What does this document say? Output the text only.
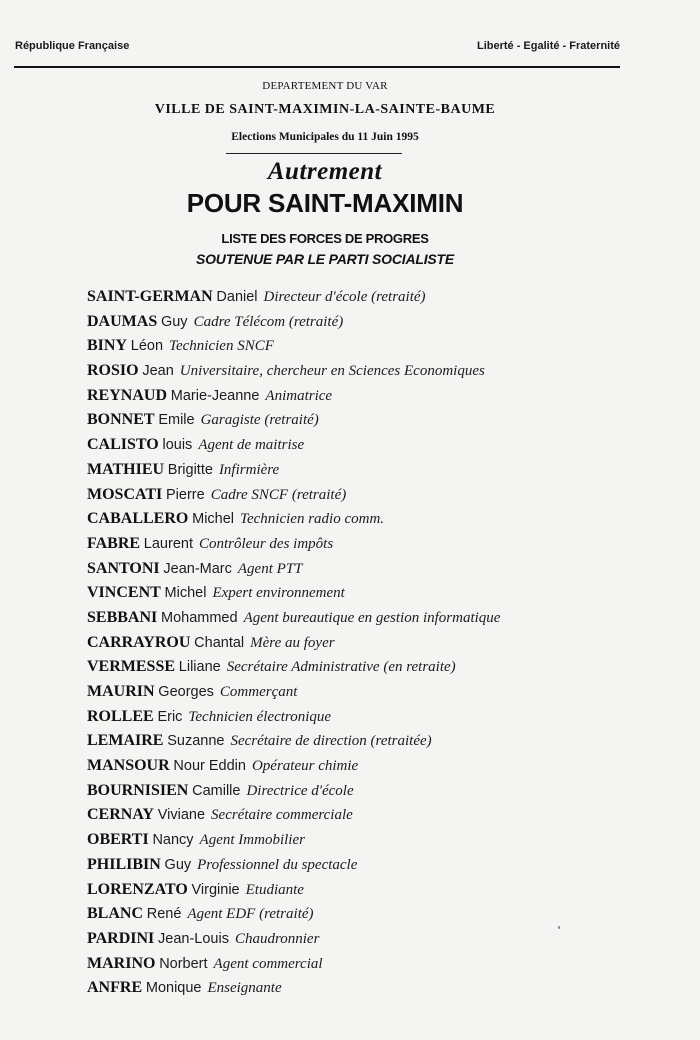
République Française	Liberté - Egalité - Fraternité
DEPARTEMENT DU VAR
VILLE DE SAINT-MAXIMIN-LA-SAINTE-BAUME
Elections Municipales du 11 Juin 1995
Autrement
POUR SAINT-MAXIMIN
LISTE DES FORCES DE PROGRES
SOUTENUE PAR LE PARTI SOCIALISTE
SAINT-GERMAN Daniel Directeur d'école (retraité)
DAUMAS Guy Cadre Télécom (retraité)
BINY Léon Technicien SNCF
ROSIO Jean Universitaire, chercheur en Sciences Economiques
REYNAUD Marie-Jeanne Animatrice
BONNET Emile Garagiste (retraité)
CALISTO louis Agent de maitrise
MATHIEU Brigitte Infirmière
MOSCATI Pierre Cadre SNCF (retraité)
CABALLERO Michel Technicien radio comm.
FABRE Laurent Contrôleur des impôts
SANTONI Jean-Marc Agent PTT
VINCENT Michel Expert environnement
SEBBANI Mohammed Agent bureautique en gestion informatique
CARRAYROU Chantal Mère au foyer
VERMESSE Liliane Secrétaire Administrative (en retraite)
MAURIN Georges Commerçant
ROLLEE Eric Technicien électronique
LEMAIRE Suzanne Secrétaire de direction (retraitée)
MANSOUR Nour Eddin Opérateur chimie
BOURNISIEN Camille Directrice d'école
CERNAY Viviane Secrétaire commerciale
OBERTI Nancy Agent Immobilier
PHILIBIN Guy Professionnel du spectacle
LORENZATO Virginie Etudiante
BLANC René Agent EDF (retraité)
PARDINI Jean-Louis Chaudronnier
MARINO Norbert Agent commercial
ANFRE Monique Enseignante
